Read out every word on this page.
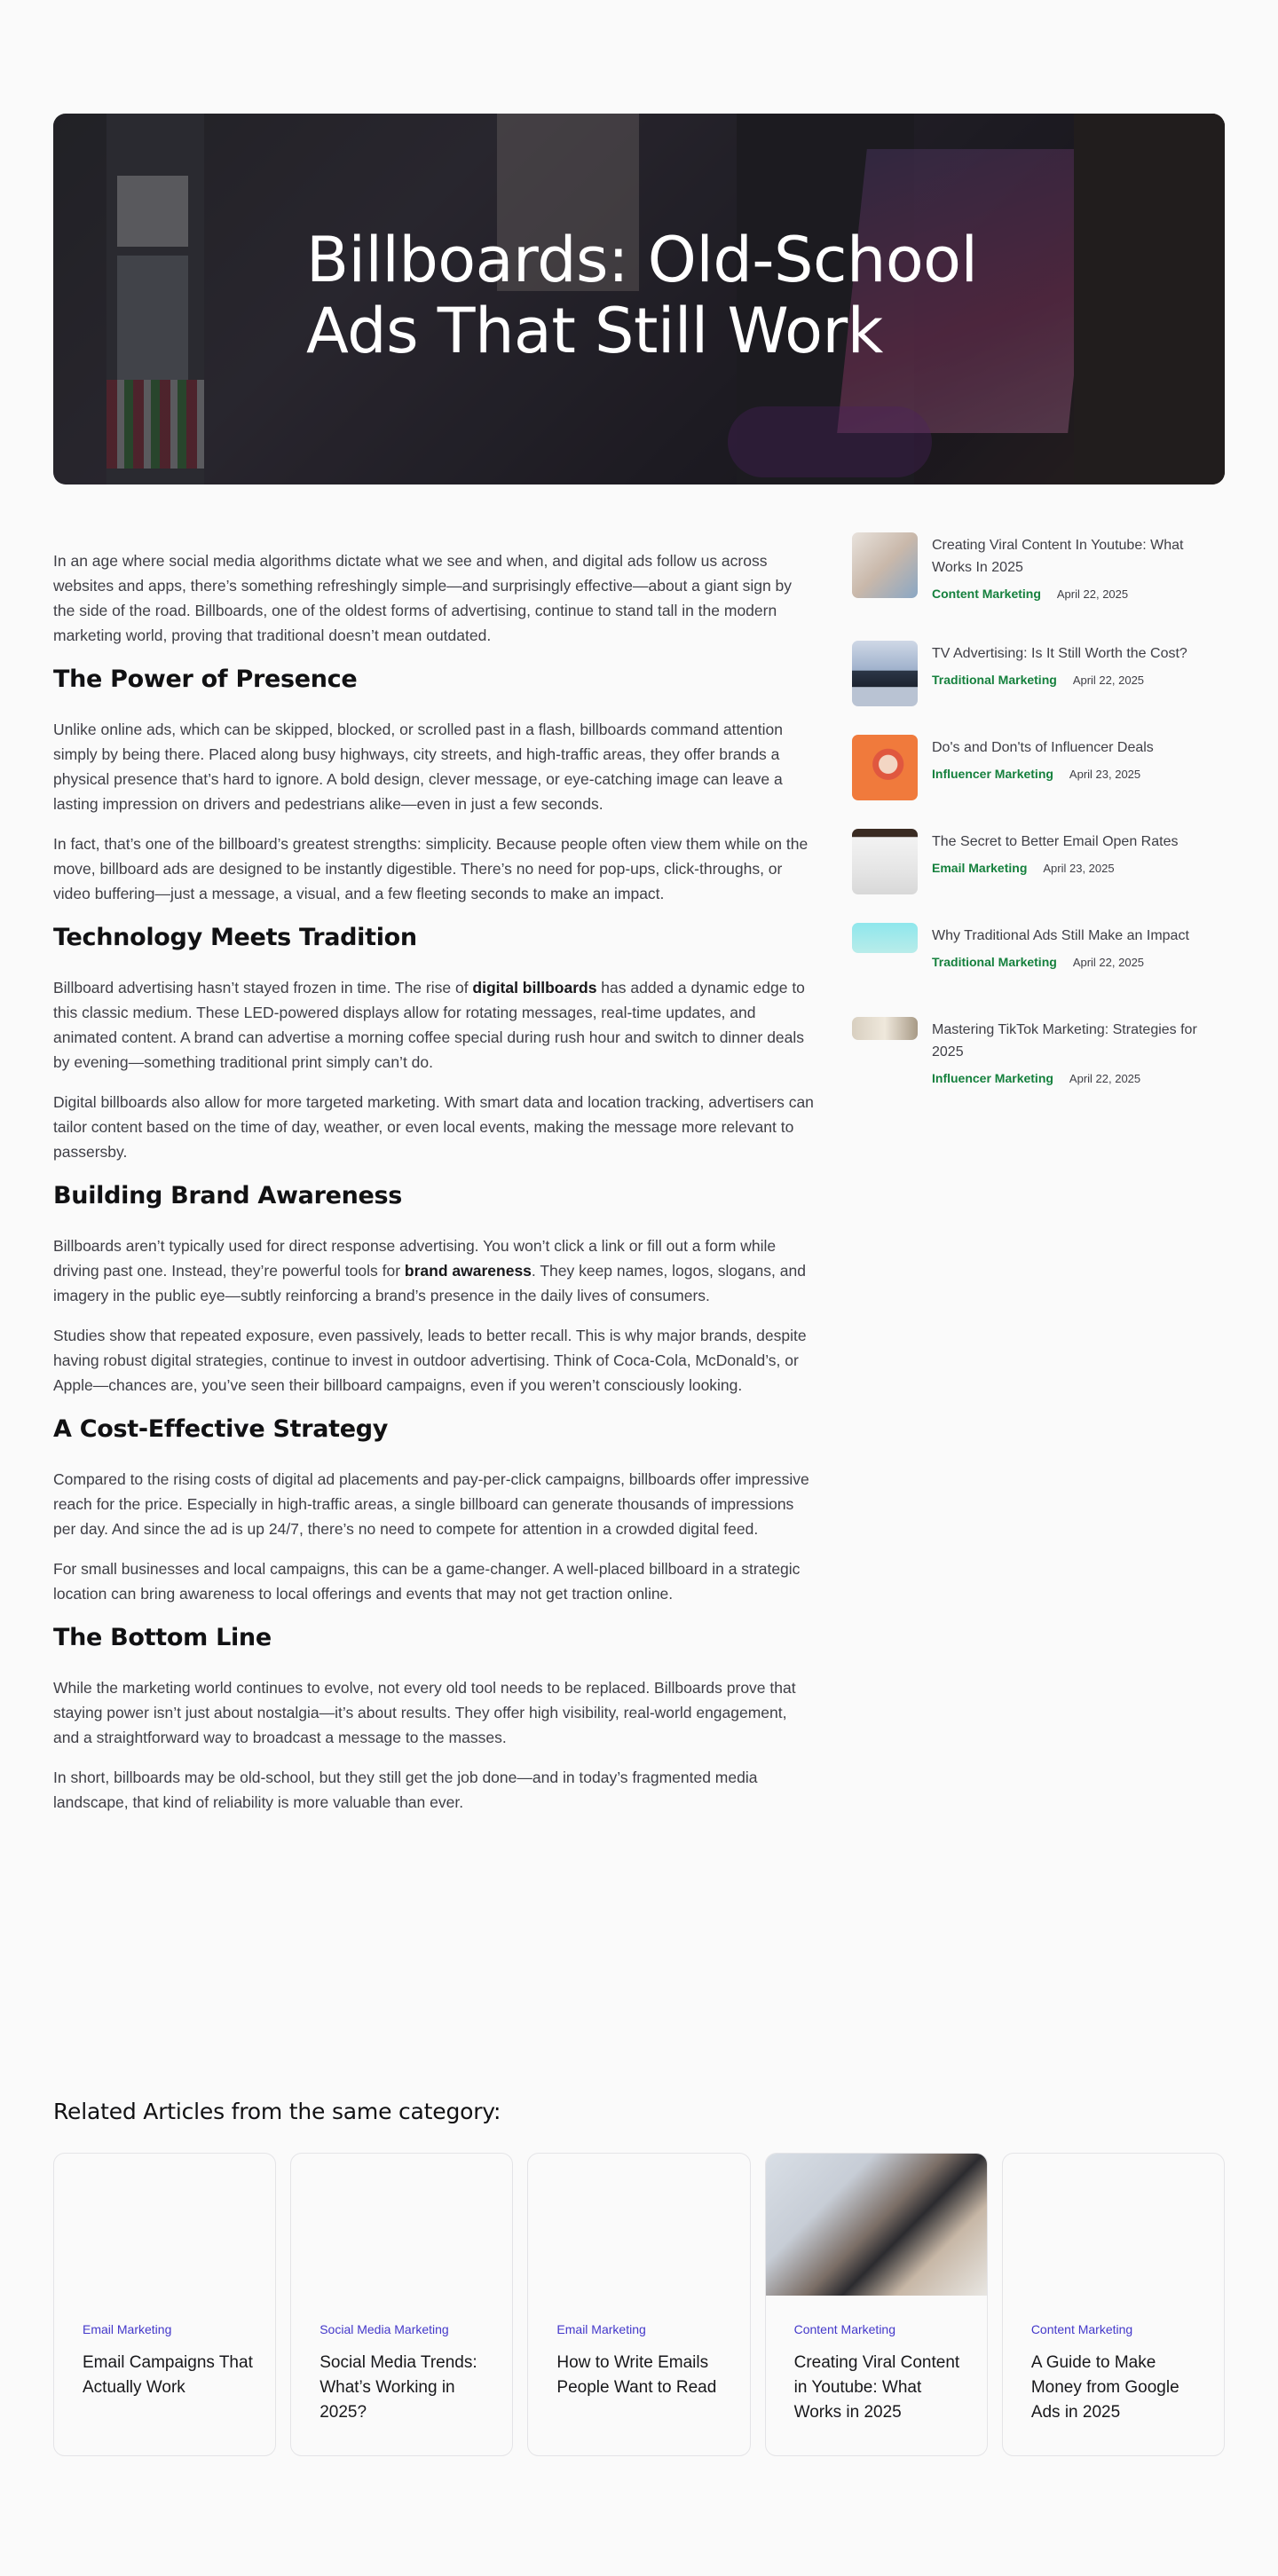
Billboards: Old-School Ads That Still Work

In an age where social media algorithms dictate what we see and when, and digital ads follow us across websites and apps, there’s something refreshingly simple—and surprisingly effective—about a giant sign by the side of the road. Billboards, one of the oldest forms of advertising, continue to stand tall in the modern marketing world, proving that traditional doesn’t mean outdated.

The Power of Presence

Unlike online ads, which can be skipped, blocked, or scrolled past in a flash, billboards command attention simply by being there. Placed along busy highways, city streets, and high-traffic areas, they offer brands a physical presence that’s hard to ignore. A bold design, clever message, or eye-catching image can leave a lasting impression on drivers and pedestrians alike—even in just a few seconds.

In fact, that’s one of the billboard’s greatest strengths: simplicity. Because people often view them while on the move, billboard ads are designed to be instantly digestible. There’s no need for pop-ups, click-throughs, or video buffering—just a message, a visual, and a few fleeting seconds to make an impact.

Technology Meets Tradition

Billboard advertising hasn’t stayed frozen in time. The rise of digital billboards has added a dynamic edge to this classic medium. These LED-powered displays allow for rotating messages, real-time updates, and animated content. A brand can advertise a morning coffee special during rush hour and switch to dinner deals by evening—something traditional print simply can’t do.

Digital billboards also allow for more targeted marketing. With smart data and location tracking, advertisers can tailor content based on the time of day, weather, or even local events, making the message more relevant to passersby.

Building Brand Awareness

Billboards aren’t typically used for direct response advertising. You won’t click a link or fill out a form while driving past one. Instead, they’re powerful tools for brand awareness. They keep names, logos, slogans, and imagery in the public eye—subtly reinforcing a brand’s presence in the daily lives of consumers.

Studies show that repeated exposure, even passively, leads to better recall. This is why major brands, despite having robust digital strategies, continue to invest in outdoor advertising. Think of Coca-Cola, McDonald’s, or Apple—chances are, you’ve seen their billboard campaigns, even if you weren’t consciously looking.

A Cost-Effective Strategy

Compared to the rising costs of digital ad placements and pay-per-click campaigns, billboards offer impressive reach for the price. Especially in high-traffic areas, a single billboard can generate thousands of impressions per day. And since the ad is up 24/7, there’s no need to compete for attention in a crowded digital feed.

For small businesses and local campaigns, this can be a game-changer. A well-placed billboard in a strategic location can bring awareness to local offerings and events that may not get traction online.

The Bottom Line

While the marketing world continues to evolve, not every old tool needs to be replaced. Billboards prove that staying power isn’t just about nostalgia—it’s about results. They offer high visibility, real-world engagement, and a straightforward way to broadcast a message to the masses.

In short, billboards may be old-school, but they still get the job done—and in today’s fragmented media landscape, that kind of reliability is more valuable than ever.

Creating Viral Content In Youtube: What Works In 2025
Content Marketing April 22, 2025
TV Advertising: Is It Still Worth the Cost?
Traditional Marketing April 22, 2025
Do's and Don'ts of Influencer Deals
Influencer Marketing April 23, 2025
The Secret to Better Email Open Rates
Email Marketing April 23, 2025
Why Traditional Ads Still Make an Impact
Traditional Marketing April 22, 2025
Mastering TikTok Marketing: Strategies for 2025
Influencer Marketing April 22, 2025
Related Articles from the same category:
Email Marketing
Email Campaigns That Actually Work
Social Media Marketing
Social Media Trends: What’s Working in 2025?
Email Marketing
How to Write Emails People Want to Read
Content Marketing
Creating Viral Content in Youtube: What Works in 2025
Content Marketing
A Guide to Make Money from Google Ads in 2025
